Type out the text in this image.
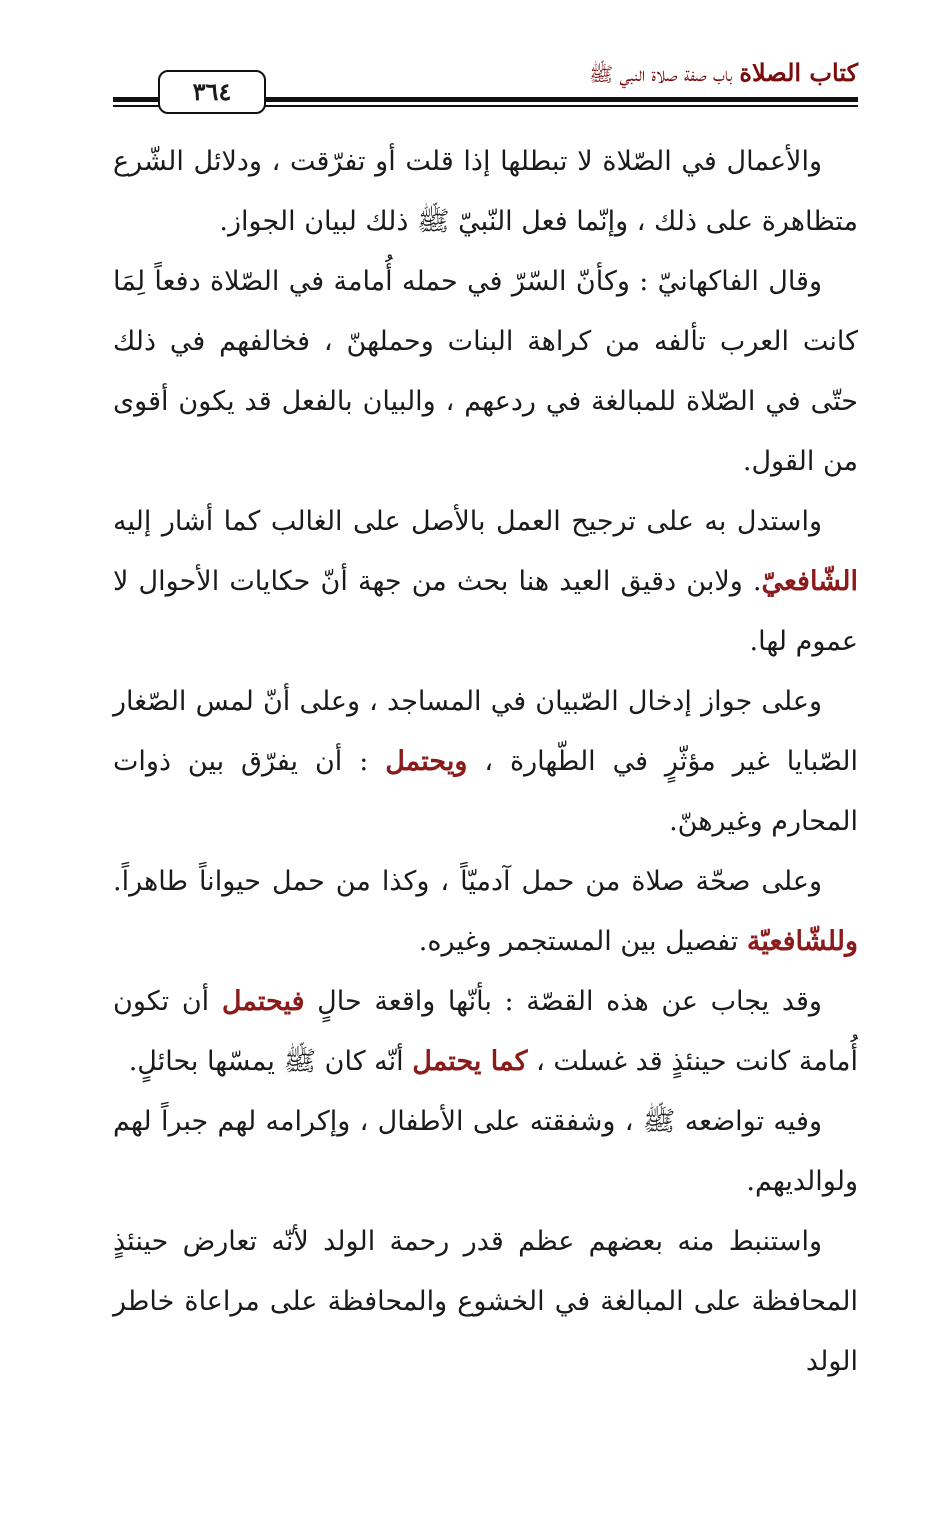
كتاب الصلاة باب صفة صلاة النبي ﷺ
٣٦٤

والأعمال في الصّلاة لا تبطلها إذا قلت أو تفرّقت ، ودلائل الشّرع متظاهرة على ذلك ، وإنّما فعل النّبيّ ﷺ ذلك لبيان الجواز.

وقال الفاكهانيّ : وكأنّ السّرّ في حمله أُمامة في الصّلاة دفعاً لِمَا كانت العرب تألفه من كراهة البنات وحملهنّ ، فخالفهم في ذلك حتّى في الصّلاة للمبالغة في ردعهم ، والبيان بالفعل قد يكون أقوى من القول.

واستدل به على ترجيح العمل بالأصل على الغالب كما أشار إليه الشّافعيّ. ولابن دقيق العيد هنا بحث من جهة أنّ حكايات الأحوال لا عموم لها.

وعلى جواز إدخال الصّبيان في المساجد ، وعلى أنّ لمس الصّغار الصّبايا غير مؤثّرٍ في الطّهارة ، ويحتمل : أن يفرّق بين ذوات المحارم وغيرهنّ.

وعلى صحّة صلاة من حمل آدميّاً ، وكذا من حمل حيواناً طاهراً. وللشّافعيّة تفصيل بين المستجمر وغيره.

وقد يجاب عن هذه القصّة : بأنّها واقعة حالٍ فيحتمل أن تكون أُمامة كانت حينئذٍ قد غسلت ، كما يحتمل أنّه كان ﷺ يمسّها بحائلٍ.

وفيه تواضعه ﷺ ، وشفقته على الأطفال ، وإكرامه لهم جبراً لهم ولوالديهم.

واستنبط منه بعضهم عظم قدر رحمة الولد لأنّه تعارض حينئذٍ المحافظة على المبالغة في الخشوع والمحافظة على مراعاة خاطر الولد
